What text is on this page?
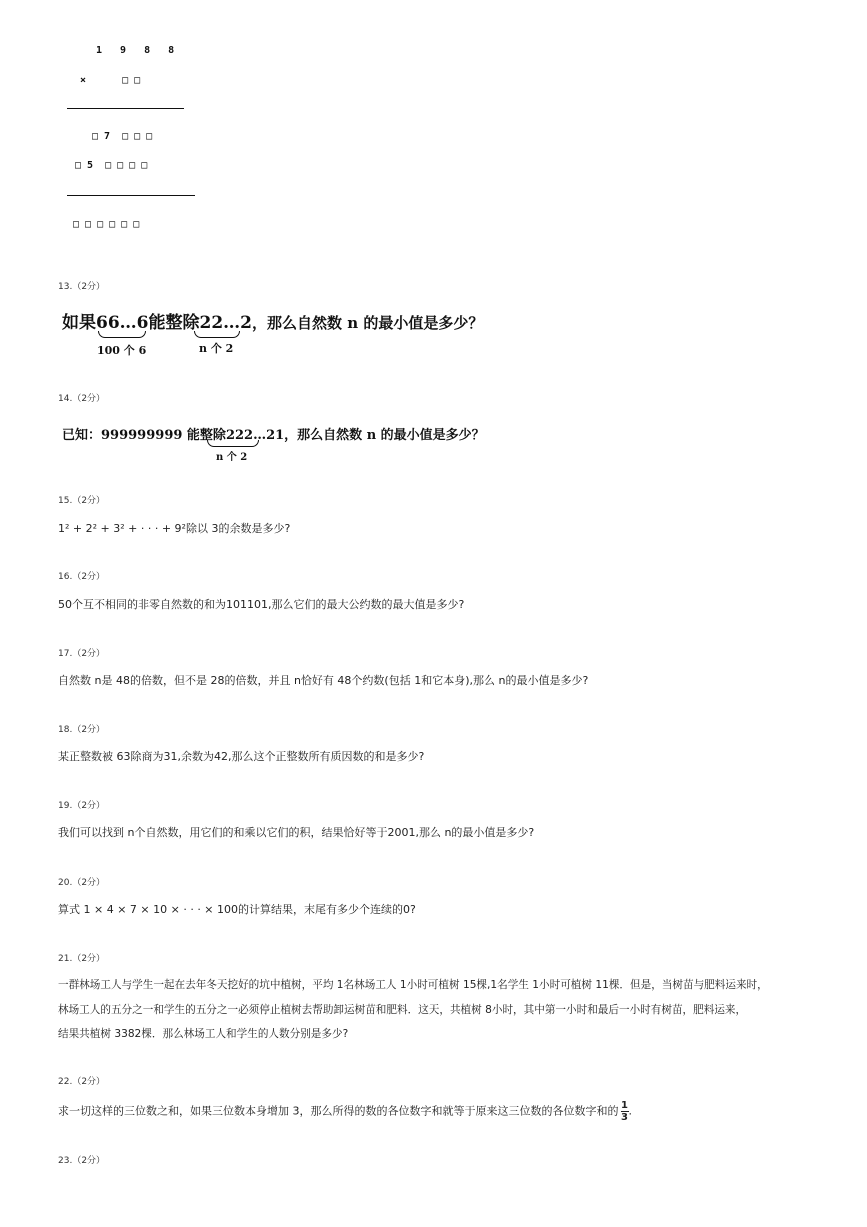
1 9 8 8
×      □ □
□ 7  □ □ □
□ 5  □ □ □ □
□ □ □ □ □ □
13.（2分）
如果66…6能整除22…2，那么自然数 n 的最小值是多少？
100 个 6	n 个 2
14.（2分）
已知：999999999 能整除222…21，那么自然数 n 的最小值是多少？
n 个 2
15.（2分）
1² + 2² + 3² + · · · + 9²除以 3的余数是多少?
16.（2分）
50个互不相同的非零自然数的和为101101,那么它们的最大公约数的最大值是多少?
17.（2分）
自然数 n是 48的倍数，但不是 28的倍数，并且 n恰好有 48个约数(包括 1和它本身),那么 n的最小值是多少?
18.（2分）
某正整数被 63除商为31,余数为42,那么这个正整数所有质因数的和是多少?
19.（2分）
我们可以找到 n个自然数，用它们的和乘以它们的积，结果恰好等于2001,那么 n的最小值是多少?
20.（2分）
算式 1 × 4 × 7 × 10 × · · · × 100的计算结果，末尾有多少个连续的0?
21.（2分）
一群林场工人与学生一起在去年冬天挖好的坑中植树，平均 1名林场工人 1小时可植树 15棵,1名学生 1小时可植树 11棵．但是，当树苗与肥料运来时，
林场工人的五分之一和学生的五分之一必须停止植树去帮助卸运树苗和肥料．这天，共植树 8小时，其中第一小时和最后一小时有树苗，肥料运来，
结果共植树 3382棵．那么林场工人和学生的人数分别是多少?
22.（2分）
求一切这样的三位数之和，如果三位数本身增加 3，那么所得的数的各位数字和就等于原来这三位数的各位数字和的 $\frac{1}{3}$ .
23.（2分）
